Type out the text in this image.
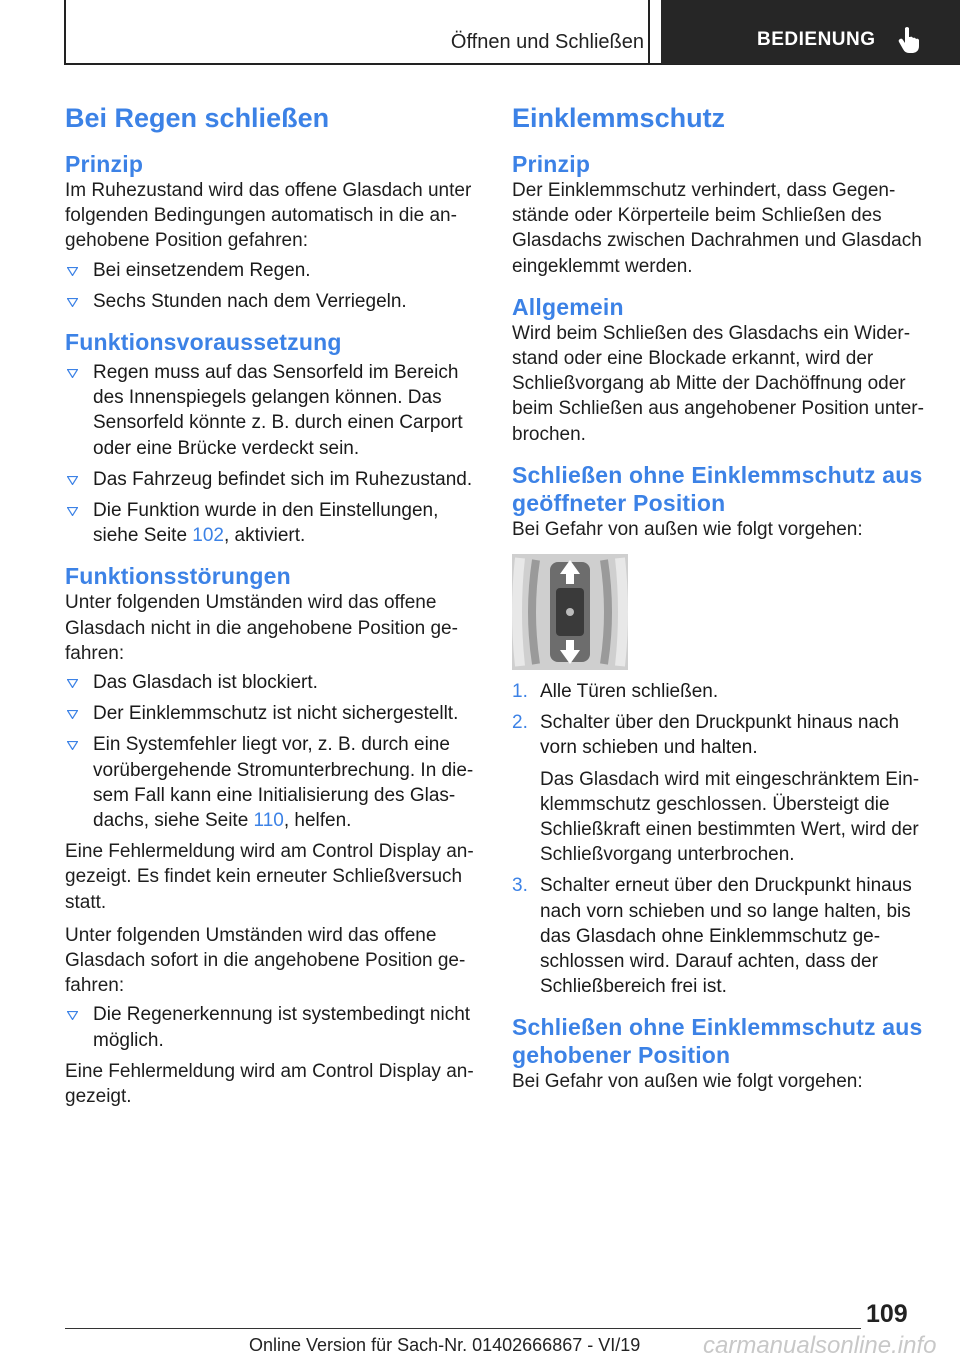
Öffnen und Schließen	BEDIENUNG
Bei Regen schließen
Prinzip

Im Ruhezustand wird das offene Glasdach unter folgenden Bedingungen automatisch in die angehobene Position gefahren:

Bei einsetzendem Regen.
Sechs Stunden nach dem Verriegeln.
Funktionsvoraussetzung
Regen muss auf das Sensorfeld im Bereich des Innenspiegels gelangen können. Das Sensorfeld könnte z. B. durch einen Carport oder eine Brücke verdeckt sein.
Das Fahrzeug befindet sich im Ruhezustand.
Die Funktion wurde in den Einstellungen, siehe Seite 102, aktiviert.
Funktionsstörungen

Unter folgenden Umständen wird das offene Glasdach nicht in die angehobene Position gefahren:

Das Glasdach ist blockiert.
Der Einklemmschutz ist nicht sichergestellt.
Ein Systemfehler liegt vor, z. B. durch eine vorübergehende Stromunterbrechung. In diesem Fall kann eine Initialisierung des Glasdachs, siehe Seite 110, helfen.

Eine Fehlermeldung wird am Control Display angezeigt. Es findet kein erneuter Schließversuch statt.

Unter folgenden Umständen wird das offene Glasdach sofort in die angehobene Position gefahren:

Die Regenerkennung ist systembedingt nicht möglich.

Eine Fehlermeldung wird am Control Display angezeigt.

Einklemmschutz
Prinzip

Der Einklemmschutz verhindert, dass Gegenstände oder Körperteile beim Schließen des Glasdachs zwischen Dachrahmen und Glasdach eingeklemmt werden.

Allgemein

Wird beim Schließen des Glasdachs ein Widerstand oder eine Blockade erkannt, wird der Schließvorgang ab Mitte der Dachöffnung oder beim Schließen aus angehobener Position unterbrochen.

Schließen ohne Einklemmschutz aus geöffneter Position

Bei Gefahr von außen wie folgt vorgehen:

1. Alle Türen schließen.
2. Schalter über den Druckpunkt hinaus nach vorn schieben und halten.

Das Glasdach wird mit eingeschränktem Einklemmschutz geschlossen. Übersteigt die Schließkraft einen bestimmten Wert, wird der Schließvorgang unterbrochen.

3. Schalter erneut über den Druckpunkt hinaus nach vorn schieben und so lange halten, bis das Glasdach ohne Einklemmschutz geschlossen wird. Darauf achten, dass der Schließbereich frei ist.
Schließen ohne Einklemmschutz aus gehobener Position

Bei Gefahr von außen wie folgt vorgehen:

109
Online Version für Sach-Nr. 01402666867 - VI/19	carmanualsonline.info
